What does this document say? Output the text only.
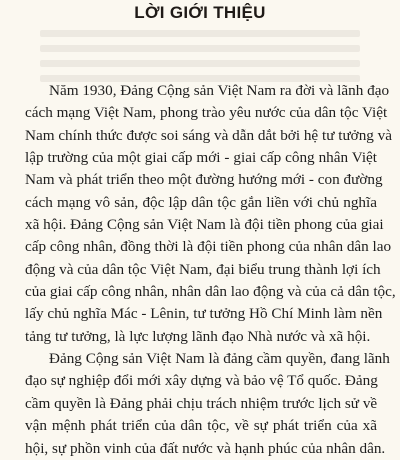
LỜI GIỚI THIỆU

Năm 1930, Đảng Cộng sản Việt Nam ra đời và lãnh đạo
cách mạng Việt Nam, phong trào yêu nước của dân tộc Việt
Nam chính thức được soi sáng và dẫn dắt bởi hệ tư tưởng và
lập trường của một giai cấp mới - giai cấp công nhân Việt
Nam và phát triển theo một đường hướng mới - con đường
cách mạng vô sản, độc lập dân tộc gắn liền với chủ nghĩa
xã hội. Đảng Cộng sản Việt Nam là đội tiền phong của giai
cấp công nhân, đồng thời là đội tiền phong của nhân dân lao
động và của dân tộc Việt Nam, đại biểu trung thành lợi ích
của giai cấp công nhân, nhân dân lao động và của cả dân tộc,
lấy chủ nghĩa Mác - Lênin, tư tưởng Hồ Chí Minh làm nền
tảng tư tưởng, là lực lượng lãnh đạo Nhà nước và xã hội.

Đảng Cộng sản Việt Nam là đảng cầm quyền, đang lãnh
đạo sự nghiệp đổi mới xây dựng và bảo vệ Tổ quốc. Đảng
cầm quyền là Đảng phải chịu trách nhiệm trước lịch sử về
vận mệnh phát triển của dân tộc, về sự phát triển của xã
hội, sự phồn vinh của đất nước và hạnh phúc của nhân dân.
